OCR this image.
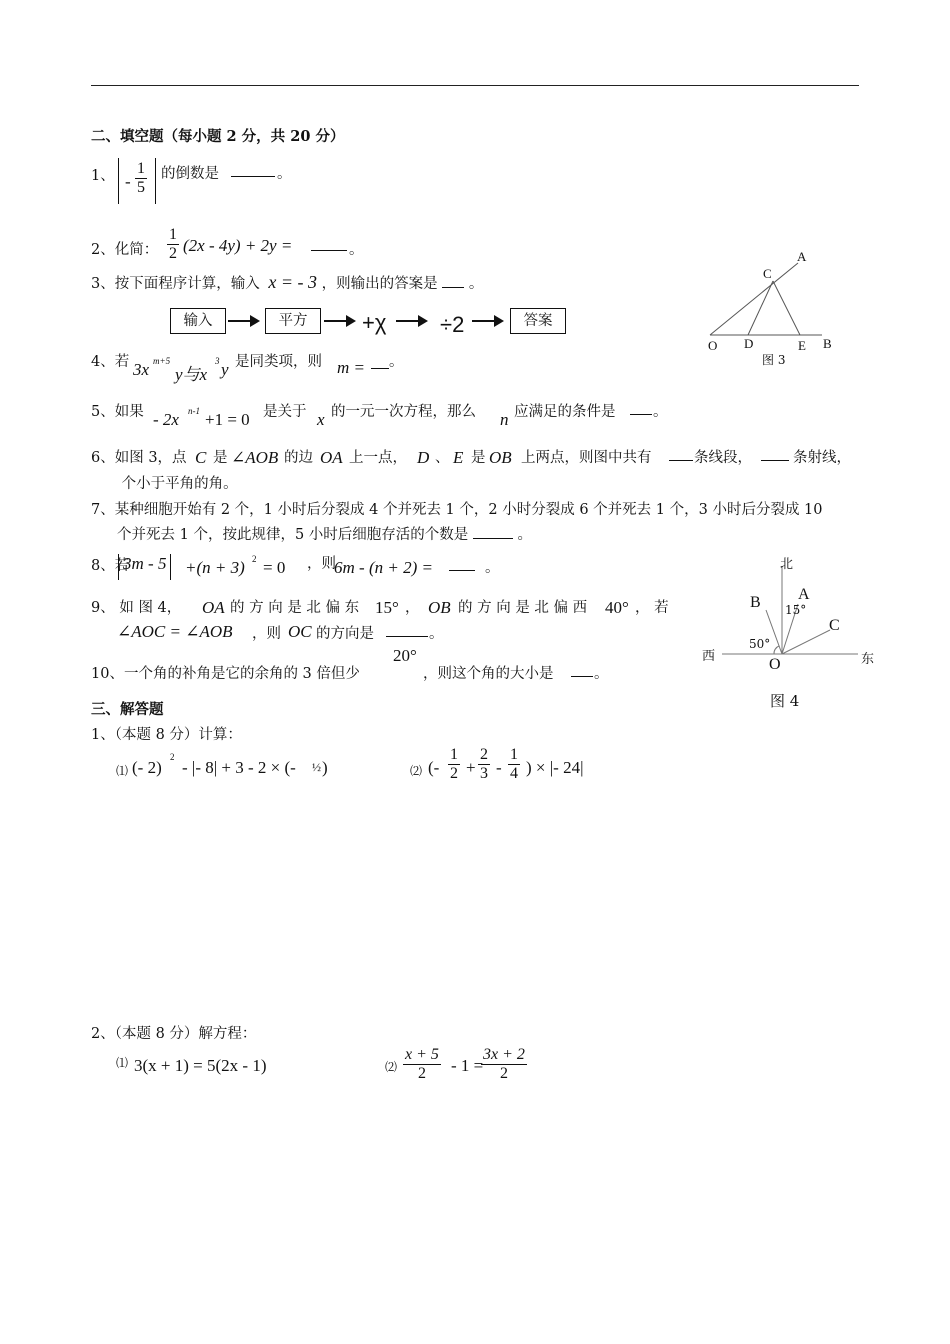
二、填空题（每小题 2 分，共 20 分）
1、 - $\frac{1}{5}$ 的倒数是	。
2、化简： $\frac{1}{2} (2x - 4y) + 2y$ =	。
3、按下面程序计算，输入 x = - 3 ，则输出的答案是 。
输入	平方	+χ ÷2	答案
A
C
O D	E B
图 3
4、若 3x m+5
y与x
3 y 是同类项，则 m = 。
5、如果 - 2x n-1 +1 = 0 是关于 x 的一元一次方程，那么 n 应满足的条件是	。
6、如图 3，点 C 是 ∠AOB 的边 OA 上一点， D 、 E 是 OB 上两点，则图中共有	条线段，	条射线，
个小于平角的角。
7、某种细胞开始有 2 个，1 小时后分裂成 4 个并死去 1 个，2 小时分裂成 6 个并死去 1 个，3 小时后分裂成 10
个并死去 1 个，按此规律，5 小时后细胞存活的个数是	。
北
A
B 15°
C
50°
西	东
O
图 4
8、若
3m - 5 +(n + 3) 2 = 0 ，则
6m - (n + 2) =	。
9、 如 图 4， OA 的 方 向 是 北 偏 东 15° ， OB 的 方 向 是 北 偏 西 40° ， 若
∠AOC = ∠AOB ，则 OC 的方向是	。
10、一个角的补角是它的余角的 3 倍但少
20°
，则这个角的大小是	。
三、解答题
1、（本题 8 分）计算：
⑴ (- 2)
2
- |- 8| + 3 - 2 × (- ½ )	⑵ (- $\frac{1}{2} + \frac{2}{3} - \frac{1}{4}$ ) × |- 24|
2、（本题 8 分）解方程：
⑴ 3(x + 1) = 5(2x - 1)	⑵ $\frac{x + 5}{2} - 1$ =
$\frac{3x + 2}{2}$
